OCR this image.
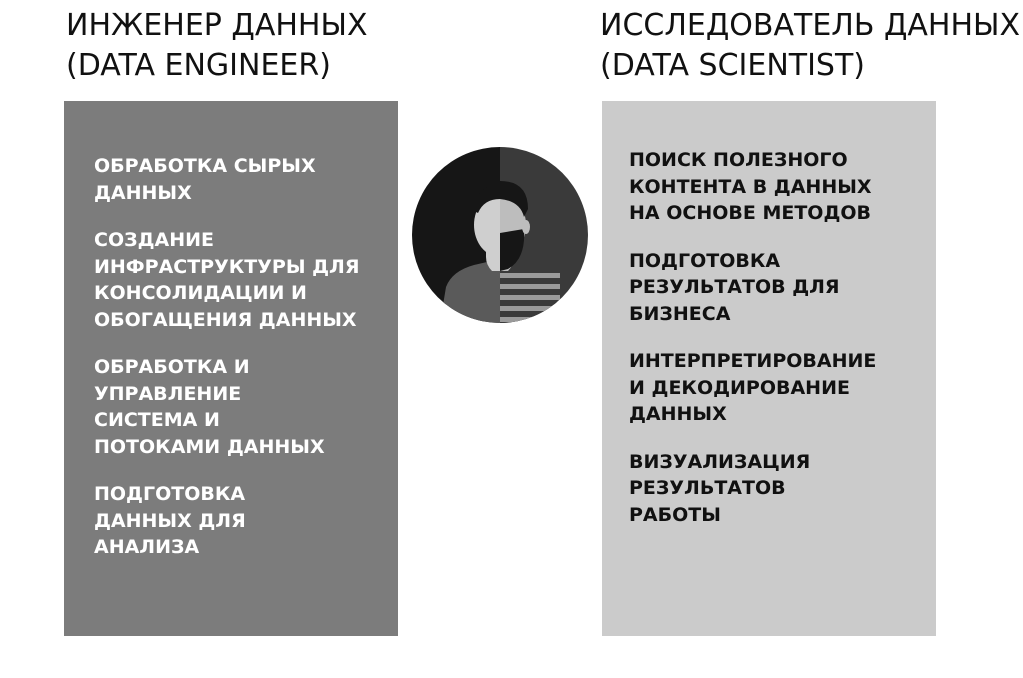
ИНЖЕНЕР ДАННЫХ
(DATA ENGINEER)
ИССЛЕДОВАТЕЛЬ ДАННЫХ
(DATA SCIENTIST)
ОБРАБОТКА СЫРЫХ
ДАННЫХ
СОЗДАНИЕ
ИНФРАСТРУКТУРЫ ДЛЯ
КОНСОЛИДАЦИИ И
ОБОГАЩЕНИЯ ДАННЫХ
ОБРАБОТКА И
УПРАВЛЕНИЕ
СИСТЕМА И
ПОТОКАМИ ДАННЫХ
ПОДГОТОВКА
ДАННЫХ ДЛЯ
АНАЛИЗА
ПОИСК ПОЛЕЗНОГО
КОНТЕНТА В ДАННЫХ
НА ОСНОВЕ МЕТОДОВ
ПОДГОТОВКА
РЕЗУЛЬТАТОВ ДЛЯ
БИЗНЕСА
ИНТЕРПРЕТИРОВАНИЕ
И ДЕКОДИРОВАНИЕ
ДАННЫХ
ВИЗУАЛИЗАЦИЯ
РЕЗУЛЬТАТОВ
РАБОТЫ
